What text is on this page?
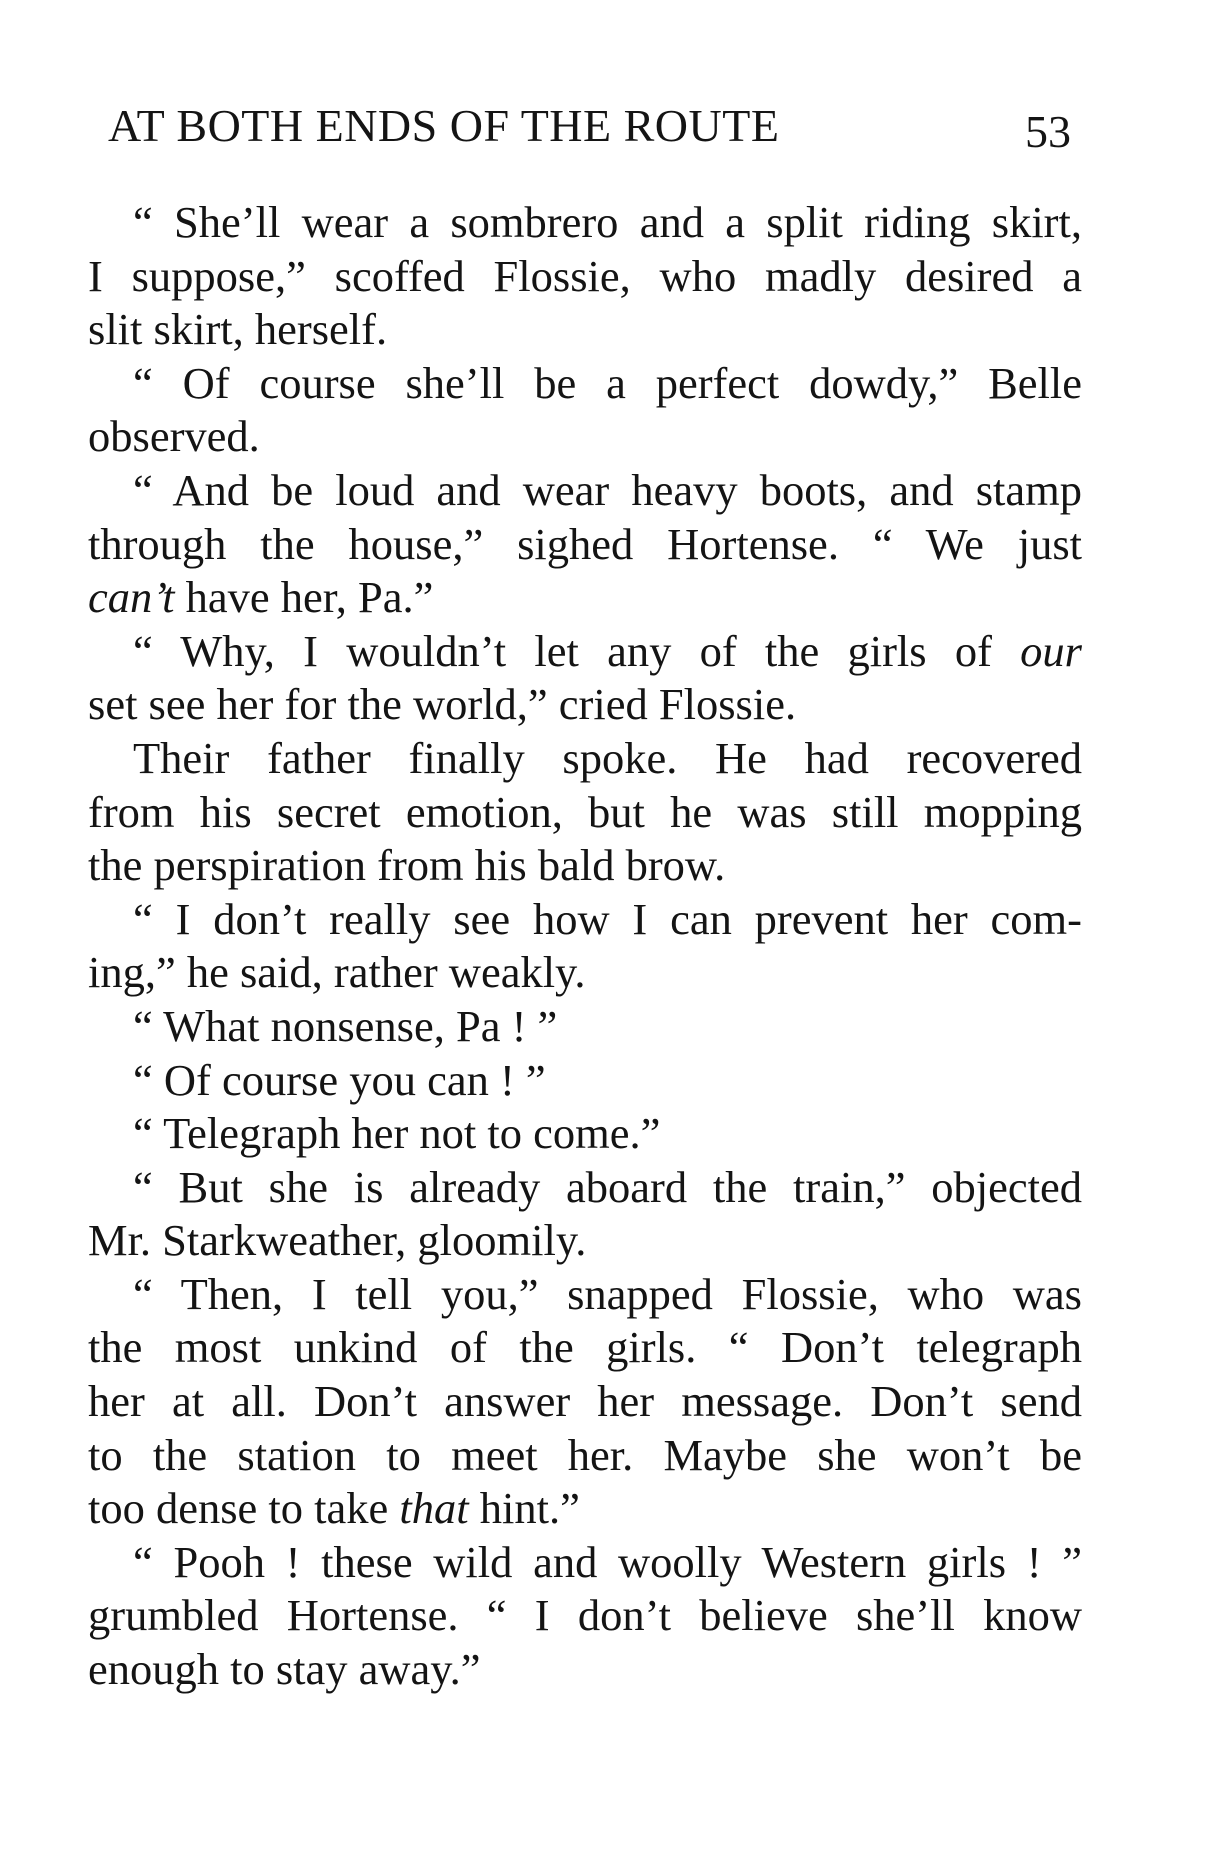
AT BOTH ENDS OF THE ROUTE	53
“ She’ll wear a sombrero and a split riding skirt,
I suppose,” scoffed Flossie, who madly desired a
slit skirt, herself.
“ Of course she’ll be a perfect dowdy,” Belle
observed.
“ And be loud and wear heavy boots, and stamp
through the house,” sighed Hortense. “ We just
can’t have her, Pa.”
“ Why, I wouldn’t let any of the girls of our
set see her for the world,” cried Flossie.
Their father finally spoke. He had recovered
from his secret emotion, but he was still mopping
the perspiration from his bald brow.
“ I don’t really see how I can prevent her com-
ing,” he said, rather weakly.
“ What nonsense, Pa ! ”
“ Of course you can ! ”
“ Telegraph her not to come.”
“ But she is already aboard the train,” objected
Mr. Starkweather, gloomily.
“ Then, I tell you,” snapped Flossie, who was
the most unkind of the girls. “ Don’t telegraph
her at all. Don’t answer her message. Don’t send
to the station to meet her. Maybe she won’t be
too dense to take that hint.”
“ Pooh ! these wild and woolly Western girls ! ”
grumbled Hortense. “ I don’t believe she’ll know
enough to stay away.”
